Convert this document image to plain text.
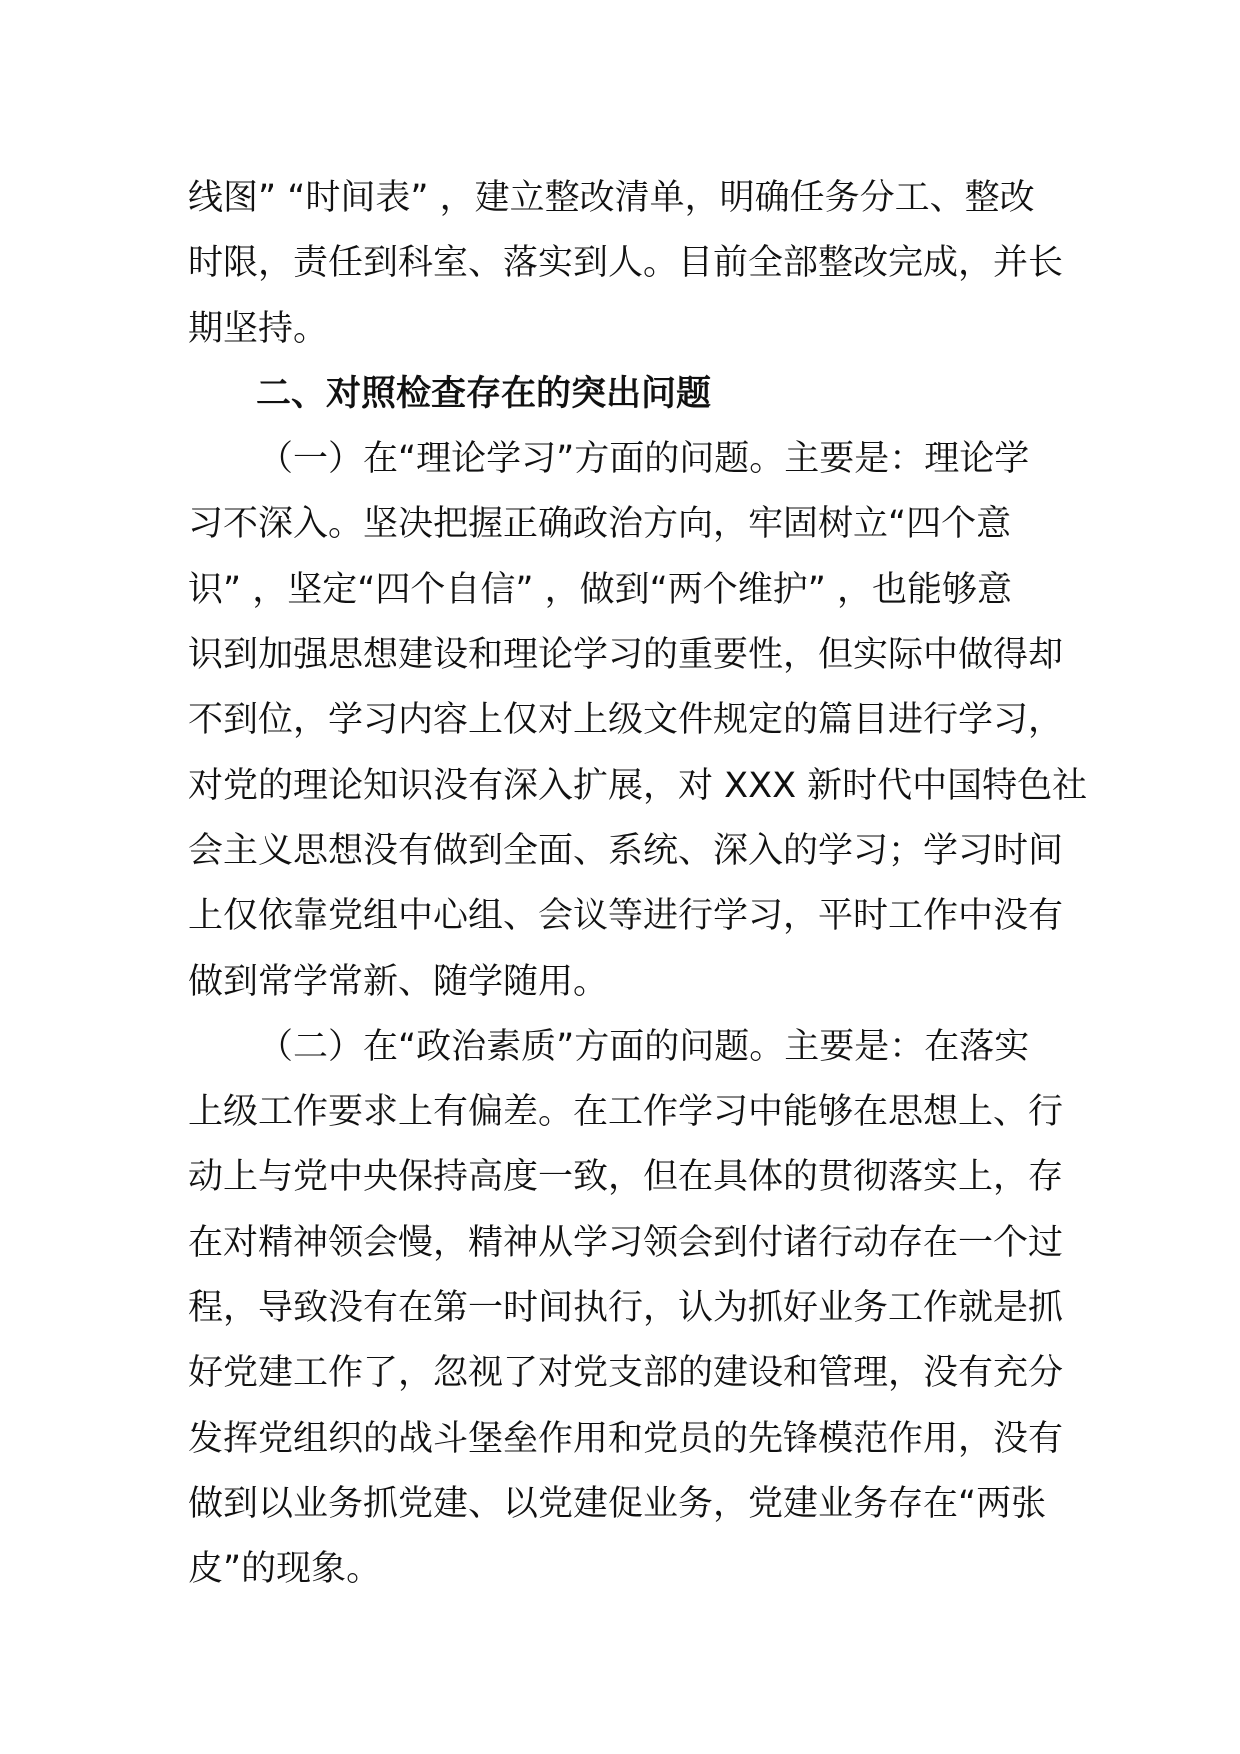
线图” “时间表” ，建立整改清单，明确任务分工、整改
时限，责任到科室、落实到人。目前全部整改完成，并长
期坚持。
二、对照检查存在的突出问题
（一）在“理论学习”方面的问题。主要是：理论学
习不深入。坚决把握正确政治方向，牢固树立“四个意
识” ，坚定“四个自信” ，做到“两个维护” ，也能够意
识到加强思想建设和理论学习的重要性，但实际中做得却
不到位，学习内容上仅对上级文件规定的篇目进行学习，
对党的理论知识没有深入扩展，对 XXX 新时代中国特色社
会主义思想没有做到全面、系统、深入的学习；学习时间
上仅依靠党组中心组、会议等进行学习，平时工作中没有
做到常学常新、随学随用。
（二）在“政治素质”方面的问题。主要是：在落实
上级工作要求上有偏差。在工作学习中能够在思想上、行
动上与党中央保持高度一致，但在具体的贯彻落实上，存
在对精神领会慢，精神从学习领会到付诸行动存在一个过
程，导致没有在第一时间执行，认为抓好业务工作就是抓
好党建工作了，忽视了对党支部的建设和管理，没有充分
发挥党组织的战斗堡垒作用和党员的先锋模范作用，没有
做到以业务抓党建、以党建促业务，党建业务存在“两张
皮”的现象。
